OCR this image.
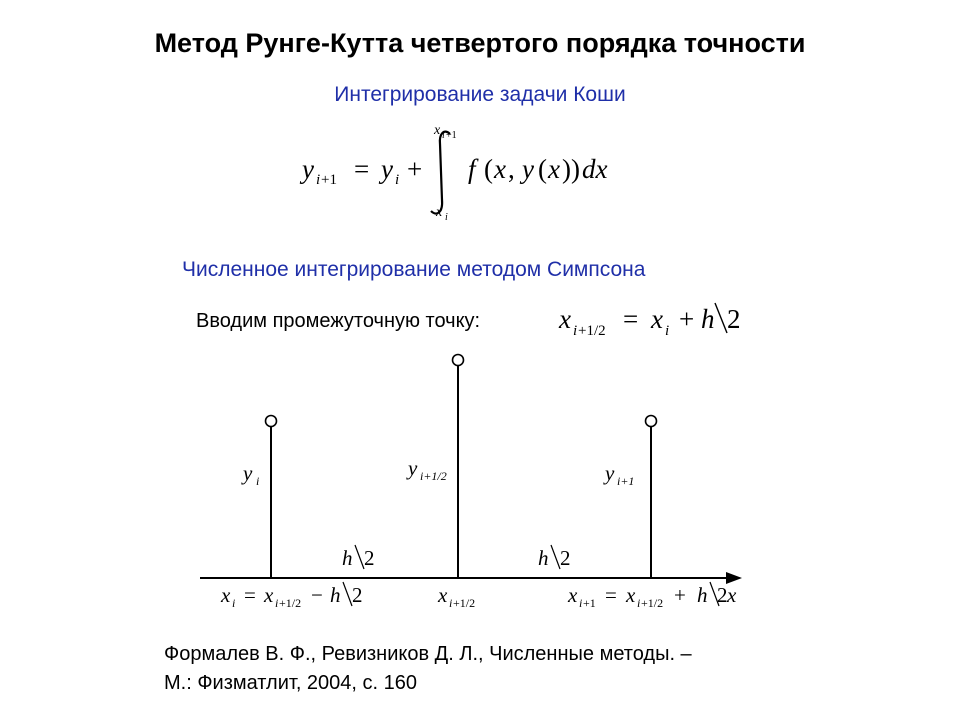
Метод Рунге-Кутта четвертого порядка точности
Интегрирование задачи Коши
y i +1 = y i +
x i +1
x i
f ( x , y ( x )) dx
Численное интегрирование методом Симпсона
Вводим промежуточную точку:	x i +1/2 = x i + h 2
y i
y i+1/2	y i+1
h 2	h 2
x
x i = x i +1/2 − h 2	x i +1/2	x i +1 = x i +1/2 + h 2
Формалев В. Ф., Ревизников Д. Л., Численные методы. –
М.: Физматлит, 2004, с. 160
